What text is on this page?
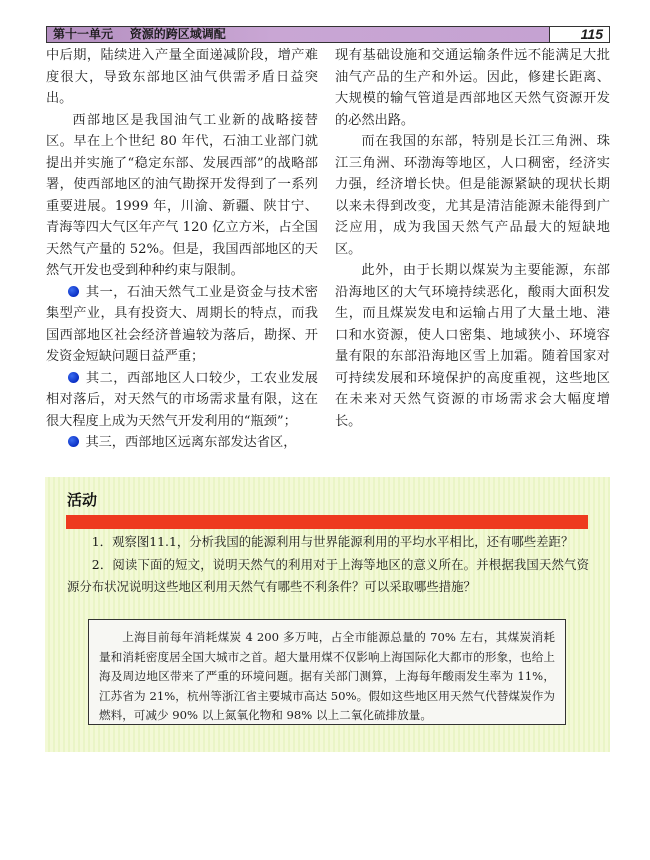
第十一单元    资源的跨区域调配	115

中后期，陆续进入产量全面递减阶段，增产难度很大，导致东部地区油气供需矛盾日益突出。

西部地区是我国油气工业新的战略接替区。早在上个世纪 80 年代，石油工业部门就提出并实施了“稳定东部、发展西部”的战略部署，使西部地区的油气勘探开发得到了一系列重要进展。1999 年，川渝、新疆、陕甘宁、青海等四大气区年产气 120 亿立方米，占全国天然气产量的 52%。但是，我国西部地区的天然气开发也受到种种约束与限制。

其一，石油天然气工业是资金与技术密集型产业，具有投资大、周期长的特点，而我国西部地区社会经济普遍较为落后，勘探、开发资金短缺问题日益严重；

其二，西部地区人口较少，工农业发展相对落后，对天然气的市场需求量有限，这在很大程度上成为天然气开发利用的“瓶颈”；

其三，西部地区远离东部发达省区，

现有基础设施和交通运输条件远不能满足大批油气产品的生产和外运。因此，修建长距离、大规模的输气管道是西部地区天然气资源开发的必然出路。

而在我国的东部，特别是长江三角洲、珠江三角洲、环渤海等地区，人口稠密，经济实力强，经济增长快。但是能源紧缺的现状长期以来未得到改变，尤其是清洁能源未能得到广泛应用，成为我国天然气产品最大的短缺地区。

此外，由于长期以煤炭为主要能源，东部沿海地区的大气环境持续恶化，酸雨大面积发生，而且煤炭发电和运输占用了大量土地、港口和水资源，使人口密集、地域狭小、环境容量有限的东部沿海地区雪上加霜。随着国家对可持续发展和环境保护的高度重视，这些地区在未来对天然气资源的市场需求会大幅度增长。

活动

1．观察图11.1，分析我国的能源利用与世界能源利用的平均水平相比，还有哪些差距？

2．阅读下面的短文，说明天然气的利用对于上海等地区的意义所在。并根据我国天然气资源分布状况说明这些地区利用天然气有哪些不利条件？可以采取哪些措施？

上海目前每年消耗煤炭 4 200 多万吨，占全市能源总量的 70% 左右，其煤炭消耗量和消耗密度居全国大城市之首。超大量用煤不仅影响上海国际化大都市的形象，也给上海及周边地区带来了严重的环境问题。据有关部门测算，上海每年酸雨发生率为 11%，江苏省为 21%，杭州等浙江省主要城市高达 50%。假如这些地区用天然气代替煤炭作为燃料，可减少 90% 以上氮氧化物和 98% 以上二氧化硫排放量。
